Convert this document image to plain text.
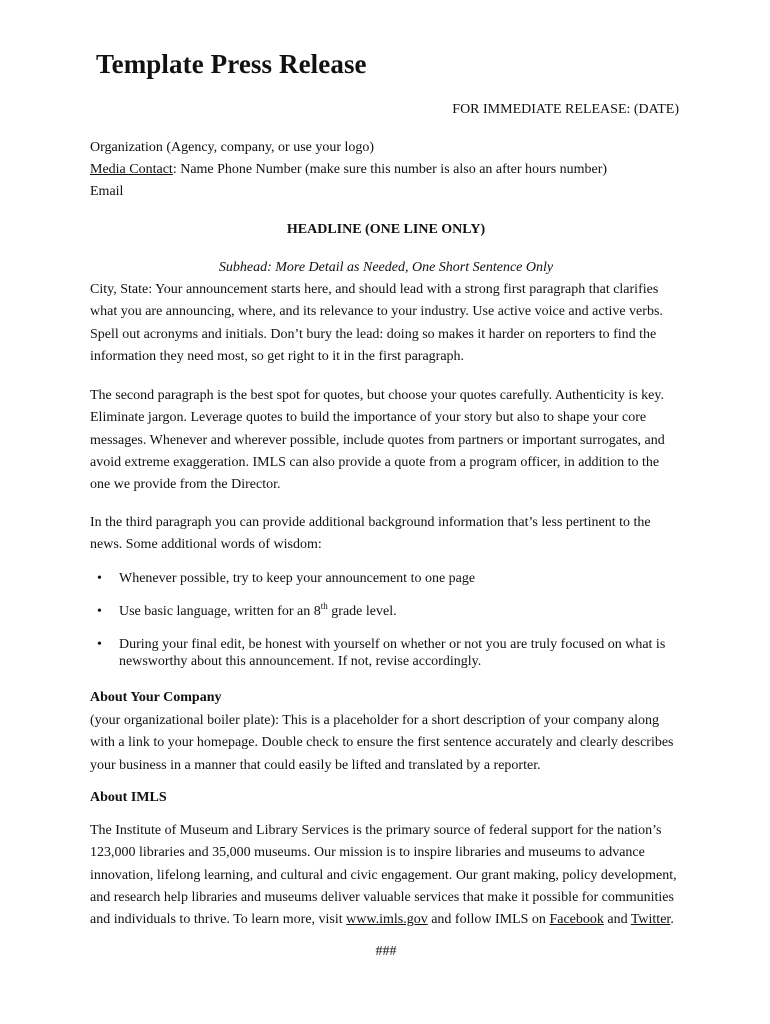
Template Press Release
FOR IMMEDIATE RELEASE: (DATE)
Organization (Agency, company, or use your logo)
Media Contact: Name Phone Number (make sure this number is also an after hours number)
Email
HEADLINE (ONE LINE ONLY)
Subhead: More Detail as Needed, One Short Sentence Only
City, State: Your announcement starts here, and should lead with a strong first paragraph that clarifies what you are announcing, where, and its relevance to your industry. Use active voice and active verbs. Spell out acronyms and initials. Don’t bury the lead: doing so makes it harder on reporters to find the information they need most, so get right to it in the first paragraph.
The second paragraph is the best spot for quotes, but choose your quotes carefully. Authenticity is key. Eliminate jargon. Leverage quotes to build the importance of your story but also to shape your core messages. Whenever and wherever possible, include quotes from partners or important surrogates, and avoid extreme exaggeration. IMLS can also provide a quote from a program officer, in addition to the one we provide from the Director.
In the third paragraph you can provide additional background information that’s less pertinent to the news. Some additional words of wisdom:
• Whenever possible, try to keep your announcement to one page
• Use basic language, written for an 8th grade level.
• During your final edit, be honest with yourself on whether or not you are truly focused on what is newsworthy about this announcement. If not, revise accordingly.
About Your Company
(your organizational boiler plate): This is a placeholder for a short description of your company along with a link to your homepage. Double check to ensure the first sentence accurately and clearly describes your business in a manner that could easily be lifted and translated by a reporter.
About IMLS
The Institute of Museum and Library Services is the primary source of federal support for the nation’s 123,000 libraries and 35,000 museums. Our mission is to inspire libraries and museums to advance innovation, lifelong learning, and cultural and civic engagement. Our grant making, policy development, and research help libraries and museums deliver valuable services that make it possible for communities and individuals to thrive. To learn more, visit www.imls.gov and follow IMLS on Facebook and Twitter.
###
